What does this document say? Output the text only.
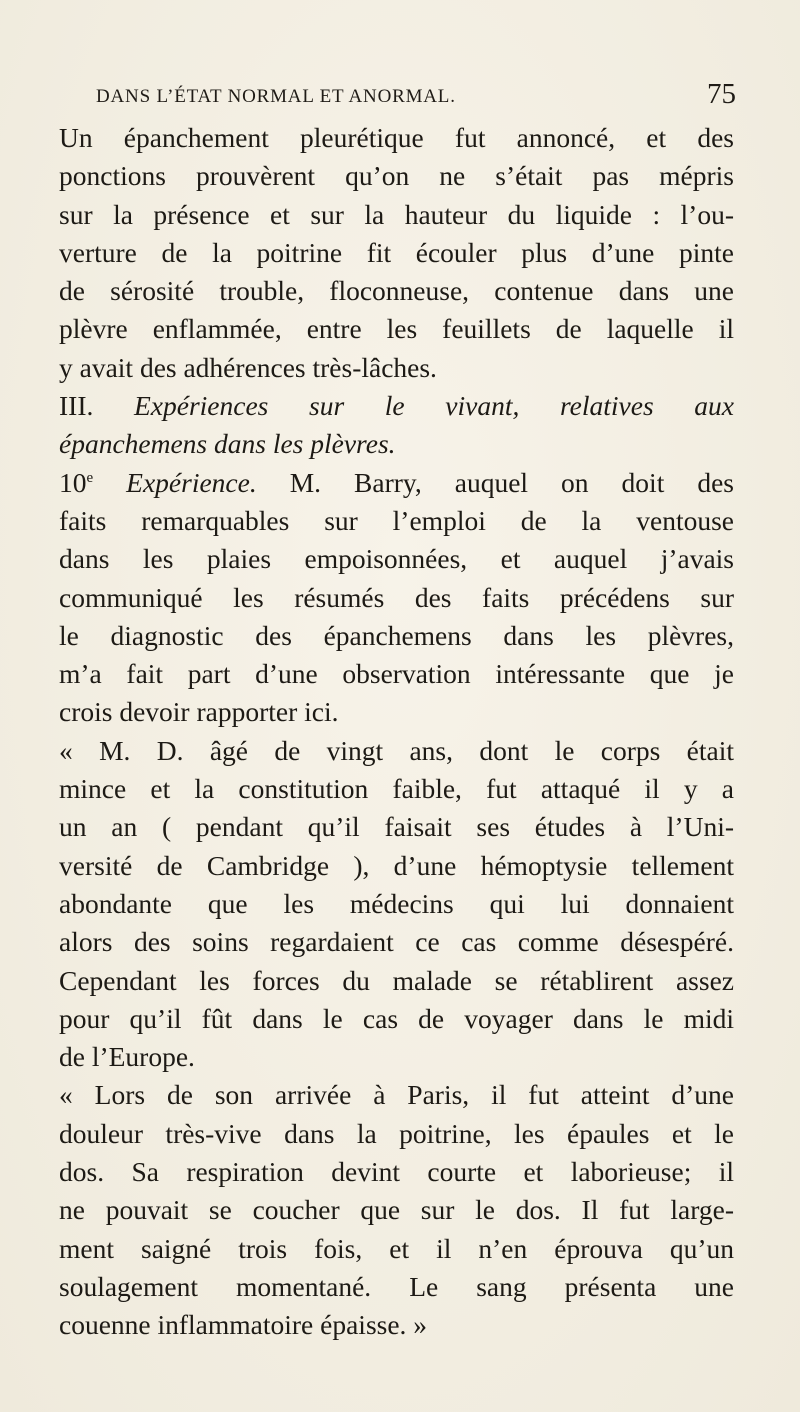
DANS L’ÉTAT NORMAL ET ANORMAL.	75

Un épanchement pleurétique fut annoncé, et des

ponctions prouvèrent qu’on ne s’était pas mépris

sur la présence et sur la hauteur du liquide : l’ou-

verture de la poitrine fit écouler plus d’une pinte

de sérosité trouble, floconneuse, contenue dans une

plèvre enflammée, entre les feuillets de laquelle il

y avait des adhérences très-lâches.

III. Expériences sur le vivant, relatives aux

épanchemens dans les plèvres.

10e Expérience. M. Barry, auquel on doit des

faits remarquables sur l’emploi de la ventouse

dans les plaies empoisonnées, et auquel j’avais

communiqué les résumés des faits précédens sur

le diagnostic des épanchemens dans les plèvres,

m’a fait part d’une observation intéressante que je

crois devoir rapporter ici.

« M. D. âgé de vingt ans, dont le corps était

mince et la constitution faible, fut attaqué il y a

un an ( pendant qu’il faisait ses études à l’Uni-

versité de Cambridge ), d’une hémoptysie tellement

abondante que les médecins qui lui donnaient

alors des soins regardaient ce cas comme désespéré.

Cependant les forces du malade se rétablirent assez

pour qu’il fût dans le cas de voyager dans le midi

de l’Europe.

« Lors de son arrivée à Paris, il fut atteint d’une

douleur très-vive dans la poitrine, les épaules et le

dos. Sa respiration devint courte et laborieuse; il

ne pouvait se coucher que sur le dos. Il fut large-

ment saigné trois fois, et il n’en éprouva qu’un

soulagement momentané. Le sang présenta une

couenne inflammatoire épaisse. »
